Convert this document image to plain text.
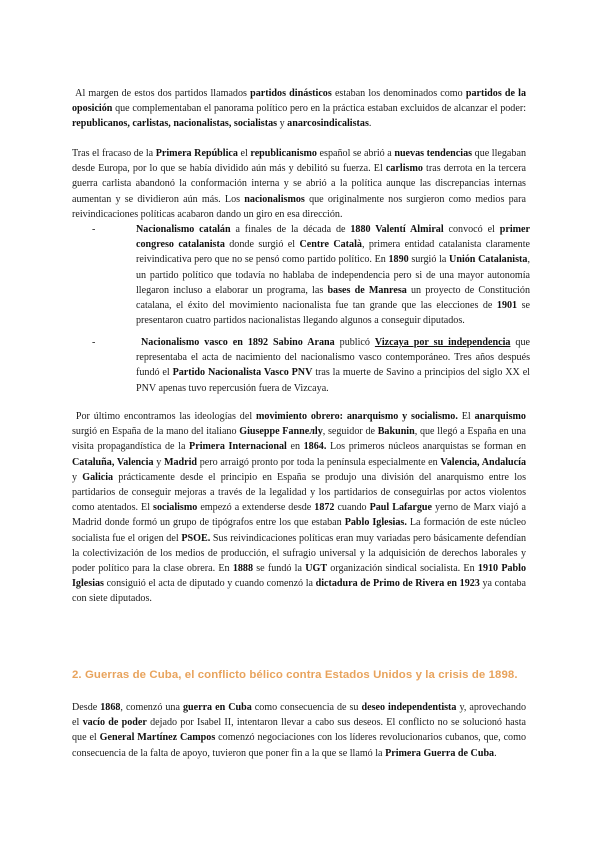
Al margen de estos dos partidos llamados partidos dinásticos estaban los denominados como partidos de la oposición que complementaban el panorama político pero en la práctica estaban excluidos de alcanzar el poder: republicanos, carlistas, nacionalistas, socialistas y anarcosindicalistas.

Tras el fracaso de la Primera República el republicanismo español se abrió a nuevas tendencias que llegaban desde Europa, por lo que se había dividido aún más y debilitó su fuerza. El carlismo tras derrota en la tercera guerra carlista abandonó la conformación interna y se abrió a la política aunque las discrepancias internas aumentan y se dividieron aún más. Los nacionalismos que originalmente nos surgieron como medios para reivindicaciones políticas acabaron dando un giro en esa dirección.

-	Nacionalismo catalán a finales de la década de 1880 Valentí Almiral convocó el primer congreso catalanista donde surgió el Centre Català, primera entidad catalanista claramente reivindicativa pero que no se pensó como partido político. En 1890 surgió la Unión Catalanista, un partido político que todavía no hablaba de independencia pero si de una mayor autonomía llegaron incluso a elaborar un programa, las bases de Manresa un proyecto de Constitución catalana, el éxito del movimiento nacionalista fue tan grande que las elecciones de 1901 se presentaron cuatro partidos nacionalistas llegando algunos a conseguir diputados.
-	Nacionalismo vasco en 1892 Sabino Arana publicó Vizcaya por su independencia que representaba el acta de nacimiento del nacionalismo vasco contemporáneo. Tres años después fundó el Partido Nacionalista Vasco PNV tras la muerte de Savino a principios del siglo XX el PNV apenas tuvo repercusión fuera de Vizcaya.

Por último encontramos las ideologías del movimiento obrero: anarquismo y socialismo. El anarquismo surgió en España de la mano del italiano Giuseppe Fanneлly, seguidor de Bakunin, que llegó a España en una visita propagandística de la Primera Internacional en 1864. Los primeros núcleos anarquistas se forman en Cataluña, Valencia y Madrid pero arraigó pronto por toda la península especialmente en Valencia, Andalucía y Galicia prácticamente desde el principio en España se produjo una división del anarquismo entre los partidarios de conseguir mejoras a través de la legalidad y los partidarios de conseguirlas por actos violentos como atentados. El socialismo empezó a extenderse desde 1872 cuando Paul Lafargue yerno de Marx viajó a Madrid donde formó un grupo de tipógrafos entre los que estaban Pablo Iglesias. La formación de este núcleo socialista fue el origen del PSOE. Sus reivindicaciones políticas eran muy variadas pero básicamente defendían la colectivización de los medios de producción, el sufragio universal y la adquisición de derechos laborales y poder político para la clase obrera. En 1888 se fundó la UGT organización sindical socialista. En 1910 Pablo Iglesias consiguió el acta de diputado y cuando comenzó la dictadura de Primo de Rivera en 1923 ya contaba con siete diputados.

2. Guerras de Cuba, el conflicto bélico contra Estados Unidos y la crisis de 1898.

Desde 1868, comenzó una guerra en Cuba como consecuencia de su deseo independentista y, aprovechando el vacío de poder dejado por Isabel II, intentaron llevar a cabo sus deseos. El conflicto no se solucionó hasta que el General Martínez Campos comenzó negociaciones con los líderes revolucionarios cubanos, que, como consecuencia de la falta de apoyo, tuvieron que poner fin a la que se llamó la Primera Guerra de Cuba.
